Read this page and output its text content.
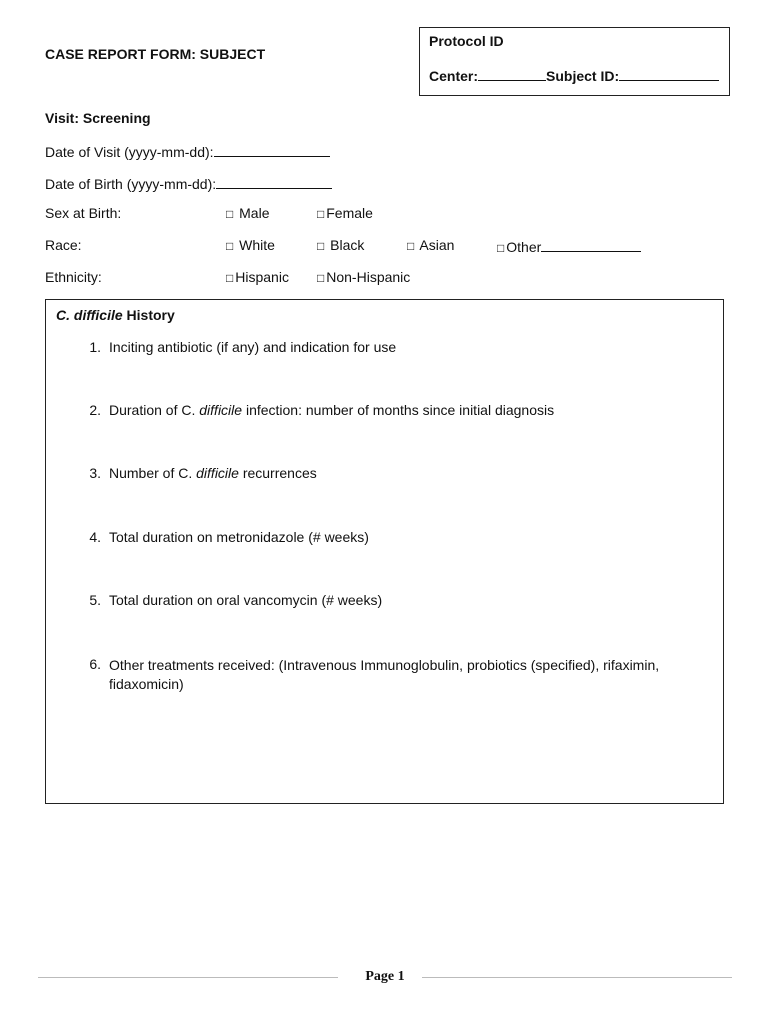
CASE REPORT FORM: SUBJECT
Protocol ID
Center:	Subject ID:
Visit: Screening
Date of Visit (yyyy-mm-dd):
Date of Birth (yyyy-mm-dd):
Sex at Birth:	□ Male	□ Female
Race:	□ White	□ Black	□ Asian	□ Other
Ethnicity:	□ Hispanic □ Non-Hispanic
C. difficile History
1. Inciting antibiotic (if any) and indication for use
2. Duration of C. difficile infection: number of months since initial diagnosis
3. Number of C. difficile recurrences
4. Total duration on metronidazole (# weeks)
5. Total duration on oral vancomycin (# weeks)
6. Other treatments received: (Intravenous Immunoglobulin, probiotics (specified), rifaximin, fidaxomicin)
Page 1
